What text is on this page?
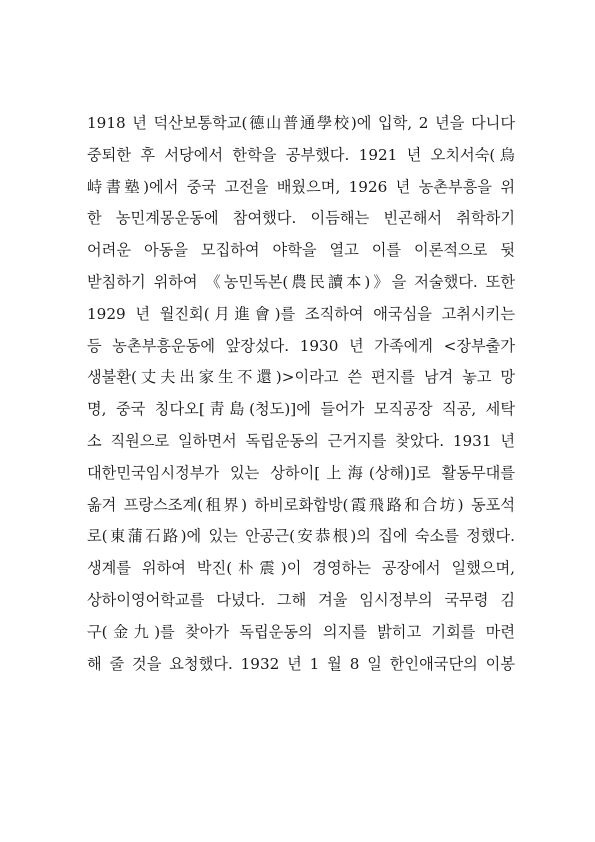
1918 년 덕산보통학교(德山普通學校)에 입학, 2 년을 다니다
중퇴한 후 서당에서 한학을 공부했다. 1921 년 오치서숙(烏
峙書塾)에서 중국 고전을 배웠으며, 1926 년 농촌부흥을 위
한 농민계몽운동에 참여했다. 이듬해는 빈곤해서 취학하기
어려운 아동을 모집하여 야학을 열고 이를 이론적으로 뒷
받침하기 위하여 《농민독본(農民讀本)》을 저술했다. 또한
1929 년 월진회(月進會)를 조직하여 애국심을 고취시키는
등 농촌부흥운동에 앞장섰다. 1930 년 가족에게 <장부출가
생불환(丈夫出家生不還)>이라고 쓴 편지를 남겨 놓고 망
명, 중국 칭다오[靑島(청도)]에 들어가 모직공장 직공, 세탁
소 직원으로 일하면서 독립운동의 근거지를 찾았다. 1931 년
대한민국임시정부가 있는 상하이[上海(상해)]로 활동무대를
옮겨 프랑스조계(租界) 하비로화합방(霞飛路和合坊) 동포석
로(東蒲石路)에 있는 안공근(安恭根)의 집에 숙소를 정했다.
생계를 위하여 박진(朴震)이 경영하는 공장에서 일했으며,
상하이영어학교를 다녔다. 그해 겨울 임시정부의 국무령 김
구(金九)를 찾아가 독립운동의 의지를 밝히고 기회를 마련
해 줄 것을 요청했다. 1932 년 1 월 8 일 한인애국단의 이봉
